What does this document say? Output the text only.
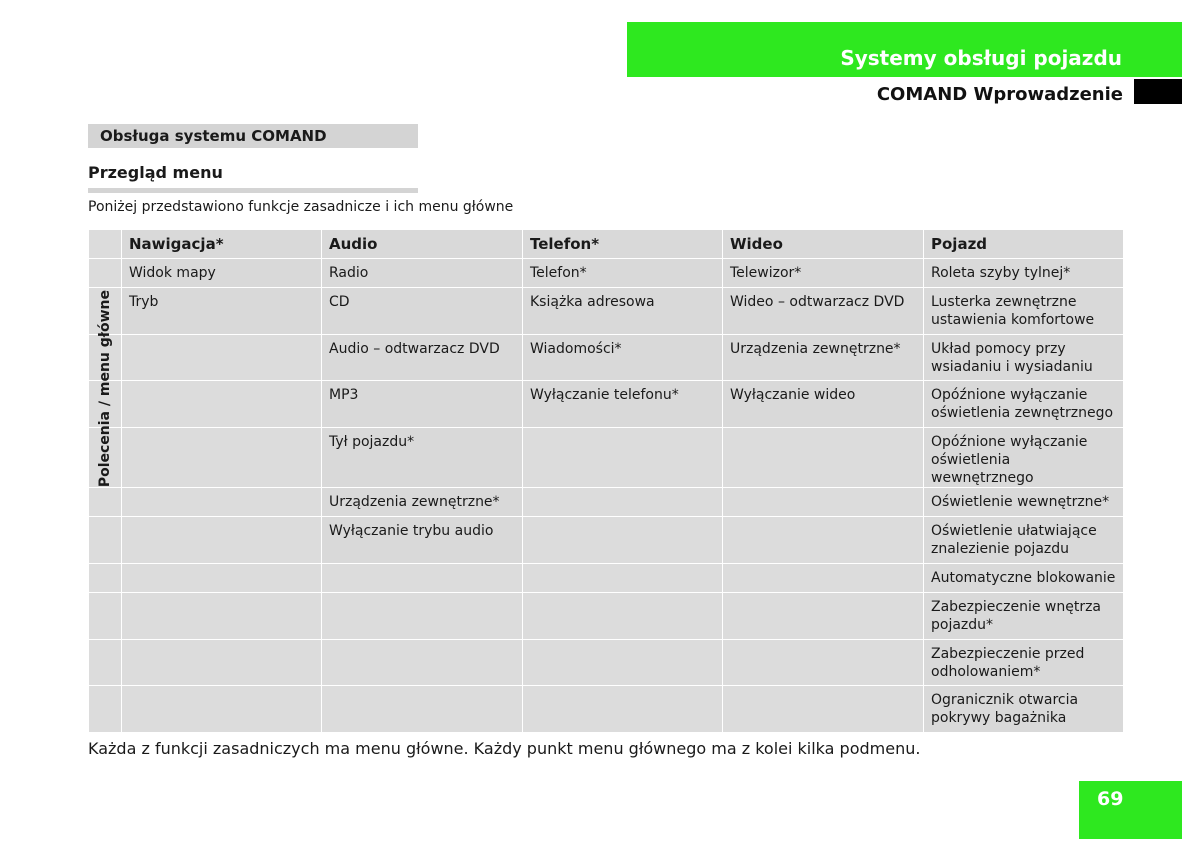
Systemy obsługi pojazdu
COMAND Wprowadzenie
Obsługa systemu COMAND
Przegląd menu
Poniżej przedstawiono funkcje zasadnicze i ich menu główne
	Nawigacja*	Audio	Telefon*	Wideo	Pojazd
	Widok mapy	Radio	Telefon*	Telewizor*	Roleta szyby tylnej*
	Tryb	CD	Książka adresowa	Wideo – odtwarzacz DVD	Lusterka zewnętrzne ustawienia komfortowe
		Audio – odtwarzacz DVD	Wiadomości*	Urządzenia zewnętrzne*	Układ pomocy przy wsiadaniu i wysiadaniu
		MP3	Wyłączanie telefonu*	Wyłączanie wideo	Opóźnione wyłączanie oświetlenia zewnętrznego
		Tył pojazdu*			Opóźnione wyłączanie oświetlenia wewnętrznego
		Urządzenia zewnętrzne*			Oświetlenie wewnętrzne*
		Wyłączanie trybu audio			Oświetlenie ułatwiające znalezienie pojazdu
					Automatyczne blokowanie
					Zabezpieczenie wnętrza pojazdu*
					Zabezpieczenie przed odholowaniem*
					Ogranicznik otwarcia pokrywy bagażnika
Polecenia / menu główne
Każda z funkcji zasadniczych ma menu główne. Każdy punkt menu głównego ma z kolei kilka podmenu.
69
